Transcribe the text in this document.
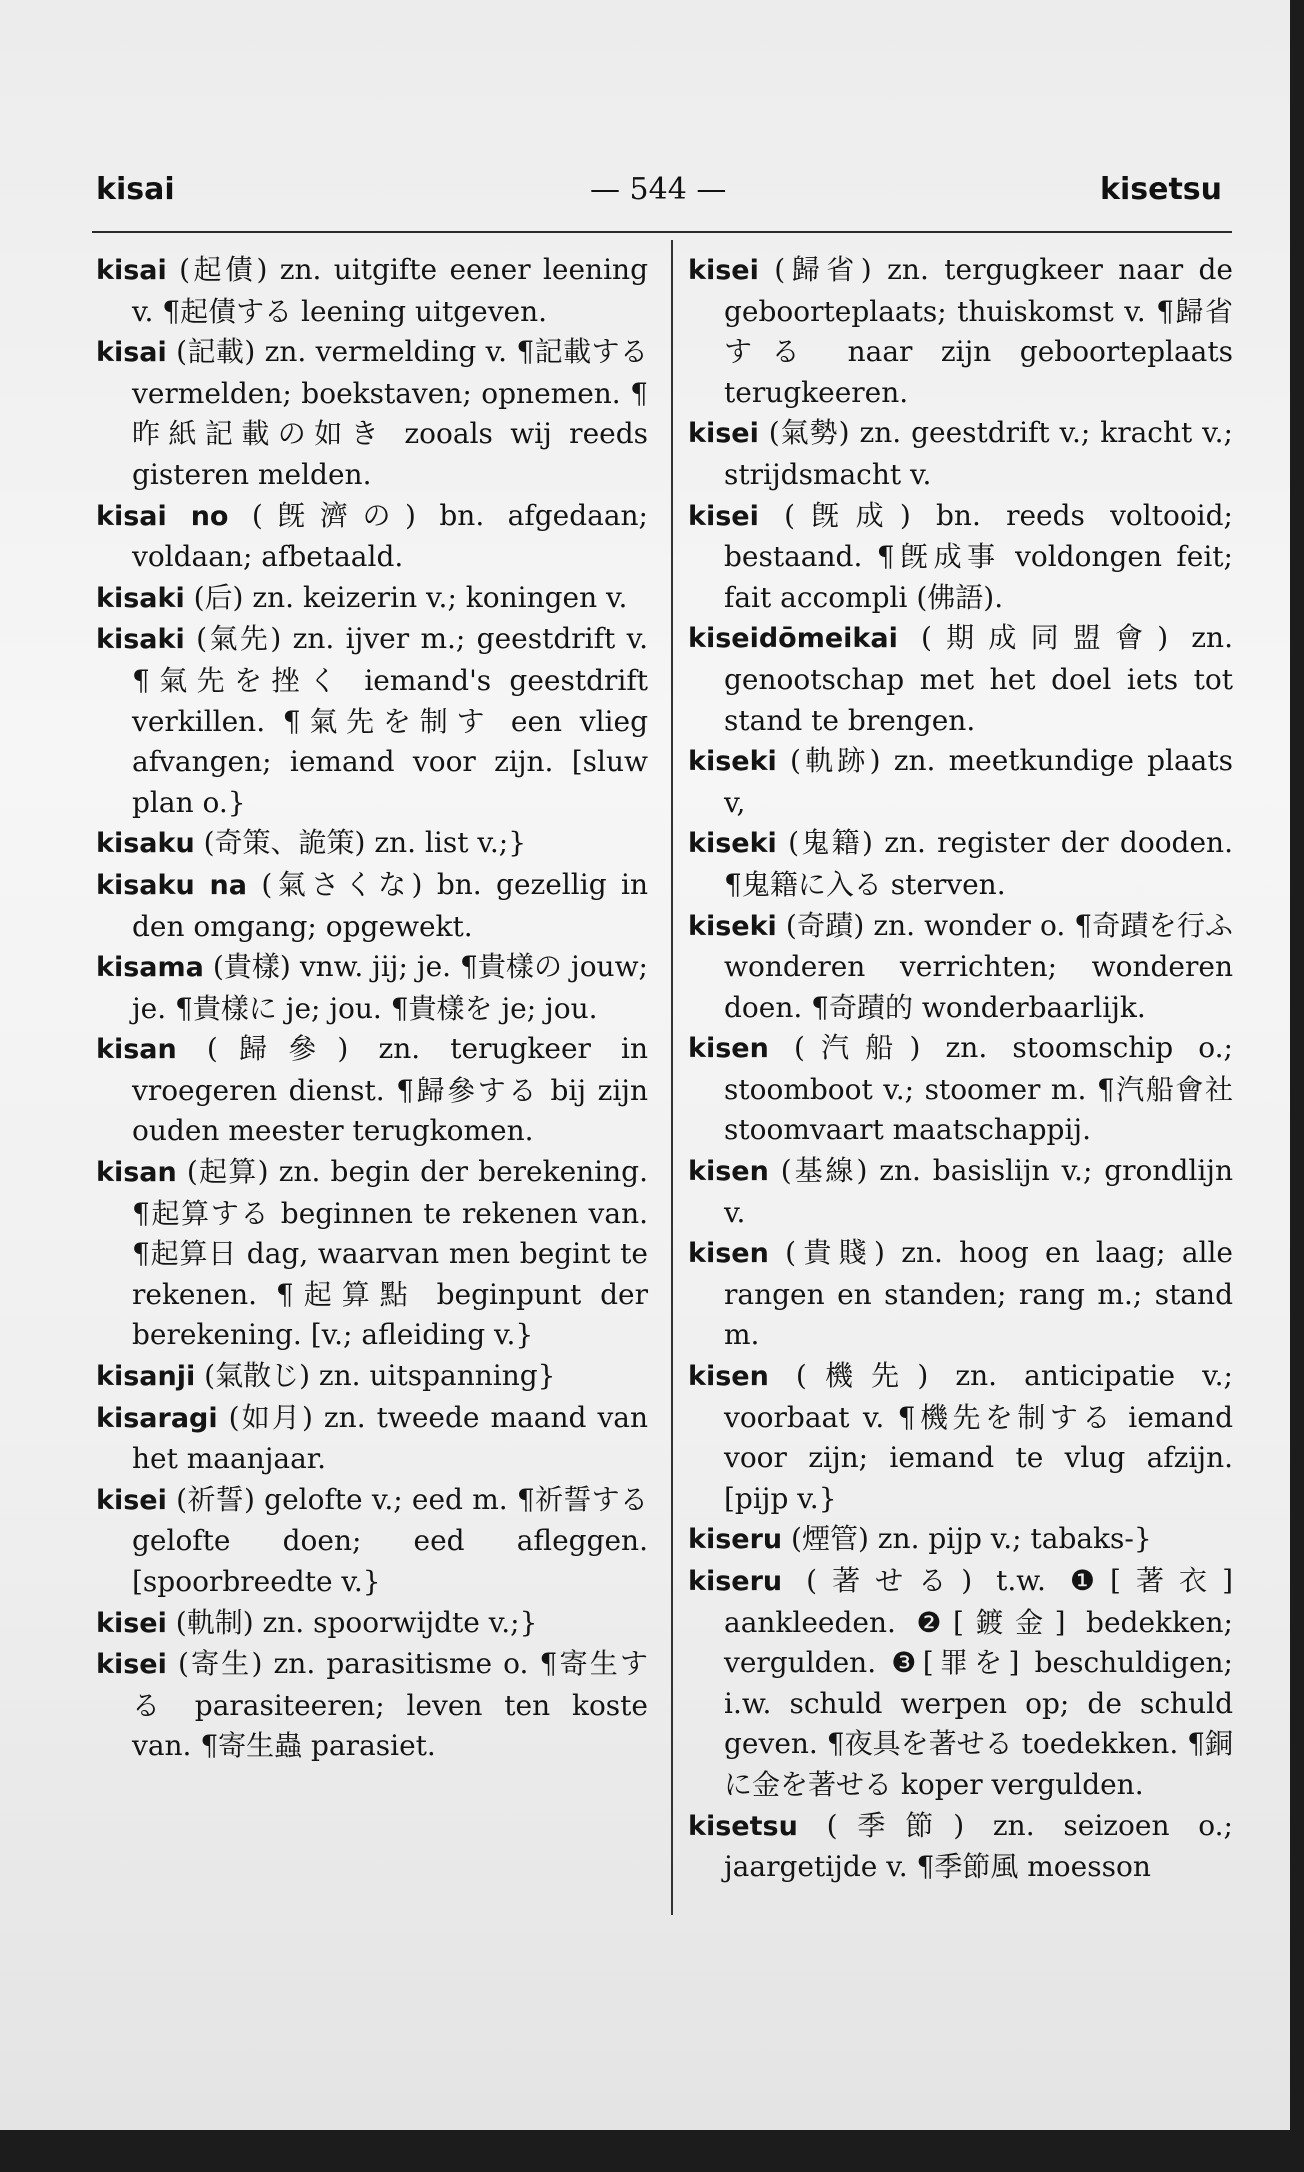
kisai	— 544 —	kisetsu

kisai (起債) zn. uitgifte eener leening v. ¶起債する leening uitgeven.

kisai (記載) zn. vermelding v. ¶記載する vermelden; boekstaven; opnemen. ¶昨紙記載の如き zooals wij reeds gisteren melden.

kisai no (旣濟の) bn. afgedaan; voldaan; afbetaald.

kisaki (后) zn. keizerin v.; koningen v.

kisaki (氣先) zn. ijver m.; geestdrift v. ¶氣先を挫く iemand's geestdrift verkillen. ¶氣先を制す een vlieg afvangen; iemand voor zijn. [sluw plan o.}

kisaku (奇策、詭策) zn. list v.;}

kisaku na (氣さくな) bn. gezellig in den omgang; opgewekt.

kisama (貴樣) vnw. jij; je. ¶貴樣の jouw; je. ¶貴樣に je; jou. ¶貴樣を je; jou.

kisan (歸參) zn. terugkeer in vroegeren dienst. ¶歸參する bij zijn ouden meester terugkomen.

kisan (起算) zn. begin der berekening. ¶起算する beginnen te rekenen van. ¶起算日 dag, waarvan men begint te rekenen. ¶起算點 beginpunt der berekening. [v.; afleiding v.}

kisanji (氣散じ) zn. uitspanning}

kisaragi (如月) zn. tweede maand van het maanjaar.

kisei (祈誓) gelofte v.; eed m. ¶祈誓する gelofte doen; eed afleggen. [spoorbreedte v.}

kisei (軌制) zn. spoorwijdte v.;}

kisei (寄生) zn. parasitisme o. ¶寄生する parasiteeren; leven ten koste van. ¶寄生蟲 parasiet.

kisei (歸省) zn. tergugkeer naar de geboorteplaats; thuiskomst v. ¶歸省する naar zijn geboorteplaats terugkeeren.

kisei (氣勢) zn. geestdrift v.; kracht v.; strijdsmacht v.

kisei (旣成) bn. reeds voltooid; bestaand. ¶旣成事 voldongen feit; fait accompli (佛語).

kiseidōmeikai (期成同盟會) zn. genootschap met het doel iets tot stand te brengen.

kiseki (軌跡) zn. meetkundige plaats v,

kiseki (鬼籍) zn. register der dooden. ¶鬼籍に入る sterven.

kiseki (奇蹟) zn. wonder o. ¶奇蹟を行ふ wonderen verrichten; wonderen doen. ¶奇蹟的 wonderbaarlijk.

kisen (汽船) zn. stoomschip o.; stoomboot v.; stoomer m. ¶汽船會社 stoomvaart maatschappij.

kisen (基線) zn. basislijn v.; grondlijn v.

kisen (貴賤) zn. hoog en laag; alle rangen en standen; rang m.; stand m.

kisen (機先) zn. anticipatie v.; voorbaat v. ¶機先を制する iemand voor zijn; iemand te vlug afzijn. [pijp v.}

kiseru (煙管) zn. pijp v.; tabaks-}

kiseru (著せる) t.w. ❶[著衣] aankleeden. ❷[鍍金] bedekken; vergulden. ❸[罪を] beschuldigen; i.w. schuld werpen op; de schuld geven. ¶夜具を著せる toedekken. ¶銅に金を著せる koper vergulden.

kisetsu (季節) zn. seizoen o.; jaargetijde v. ¶季節風 moesson
